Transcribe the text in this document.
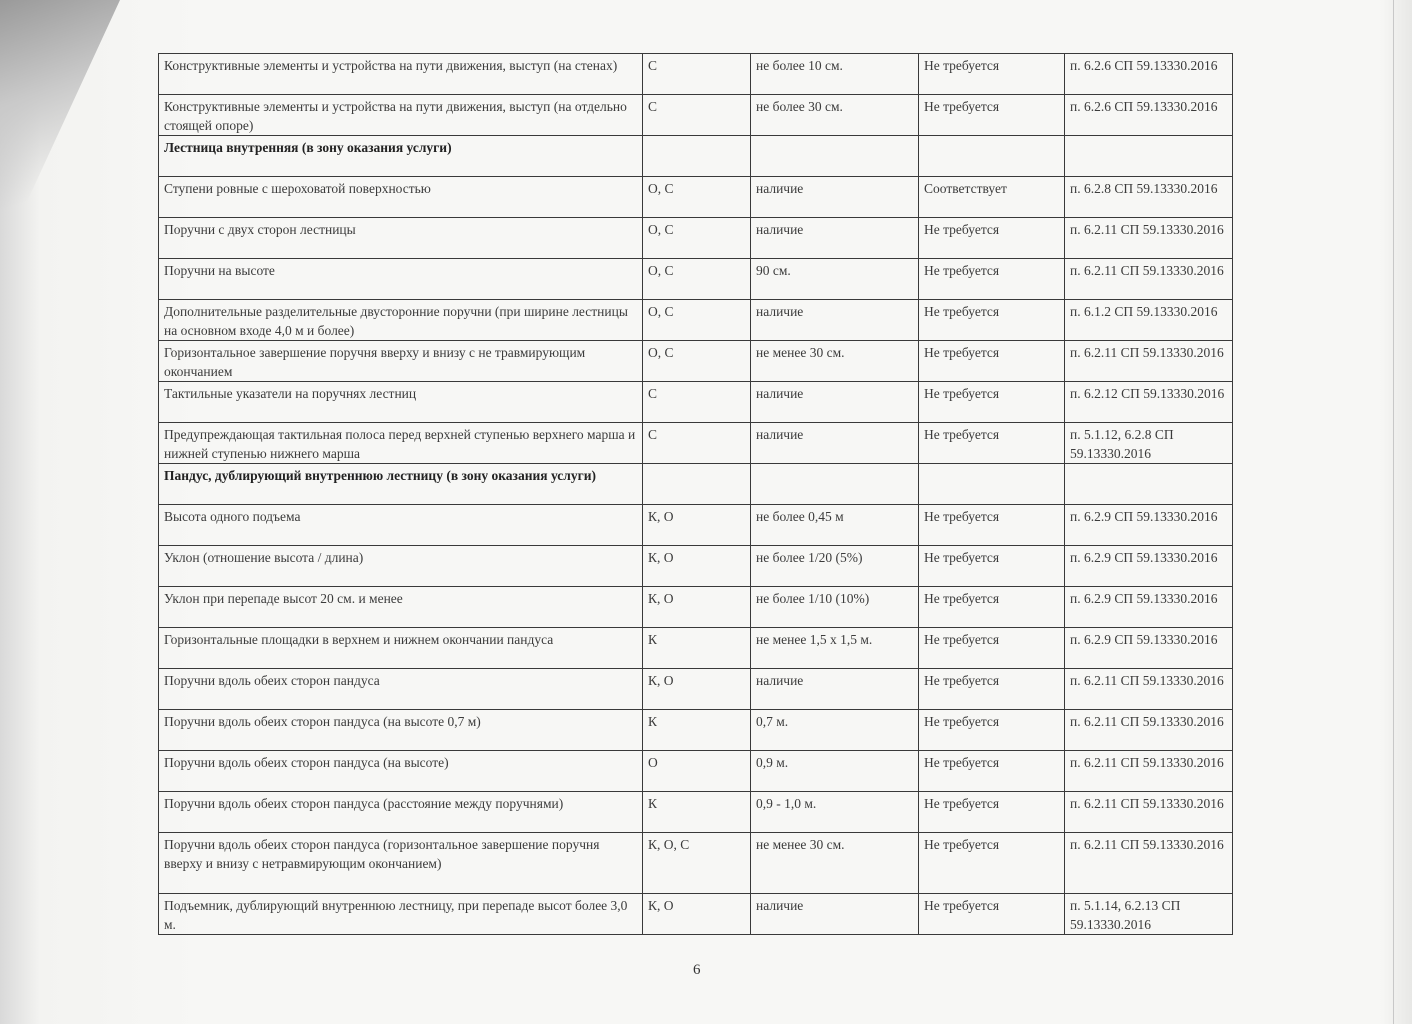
Конструктивные элементы и устройства на пути движения, выступ (на стенах)	С	не более 10 см.	Не требуется	п. 6.2.6 СП 59.13330.2016
Конструктивные элементы и устройства на пути движения, выступ (на отдельно стоящей опоре)	С	не более 30 см.	Не требуется	п. 6.2.6 СП 59.13330.2016
Лестница внутренняя (в зону оказания услуги)				
Ступени ровные с шероховатой поверхностью	О, С	наличие	Соответствует	п. 6.2.8 СП 59.13330.2016
Поручни с двух сторон лестницы	О, С	наличие	Не требуется	п. 6.2.11 СП 59.13330.2016
Поручни на высоте	О, С	90 см.	Не требуется	п. 6.2.11 СП 59.13330.2016
Дополнительные разделительные двусторонние поручни (при ширине лестницы на основном входе 4,0 м и более)	О, С	наличие	Не требуется	п. 6.1.2 СП 59.13330.2016
Горизонтальное завершение поручня вверху и внизу с не травмирующим окончанием	О, С	не менее 30 см.	Не требуется	п. 6.2.11 СП 59.13330.2016
Тактильные указатели на поручнях лестниц	С	наличие	Не требуется	п. 6.2.12 СП 59.13330.2016
Предупреждающая тактильная полоса перед верхней ступенью верхнего марша и нижней ступенью нижнего марша	С	наличие	Не требуется	п. 5.1.12, 6.2.8 СП 59.13330.2016
Пандус, дублирующий внутреннюю лестницу (в зону оказания услуги)				
Высота одного подъема	К, О	не более 0,45 м	Не требуется	п. 6.2.9 СП 59.13330.2016
Уклон (отношение высота / длина)	К, О	не более 1/20 (5%)	Не требуется	п. 6.2.9 СП 59.13330.2016
Уклон при перепаде высот 20 см. и менее	К, О	не более 1/10 (10%)	Не требуется	п. 6.2.9 СП 59.13330.2016
Горизонтальные площадки в верхнем и нижнем окончании пандуса	К	не менее 1,5 х 1,5 м.	Не требуется	п. 6.2.9 СП 59.13330.2016
Поручни вдоль обеих сторон пандуса	К, О	наличие	Не требуется	п. 6.2.11 СП 59.13330.2016
Поручни вдоль обеих сторон пандуса (на высоте 0,7 м)	К	0,7 м.	Не требуется	п. 6.2.11 СП 59.13330.2016
Поручни вдоль обеих сторон пандуса (на высоте)	О	0,9 м.	Не требуется	п. 6.2.11 СП 59.13330.2016
Поручни вдоль обеих сторон пандуса (расстояние между поручнями)	К	0,9 - 1,0 м.	Не требуется	п. 6.2.11 СП 59.13330.2016
Поручни вдоль обеих сторон пандуса (горизонтальное завершение поручня вверху и внизу с нетравмирующим окончанием)	К, О, С	не менее 30 см.	Не требуется	п. 6.2.11 СП 59.13330.2016
Подъемник, дублирующий внутреннюю лестницу, при перепаде высот более 3,0 м.	К, О	наличие	Не требуется	п. 5.1.14, 6.2.13 СП 59.13330.2016
6
